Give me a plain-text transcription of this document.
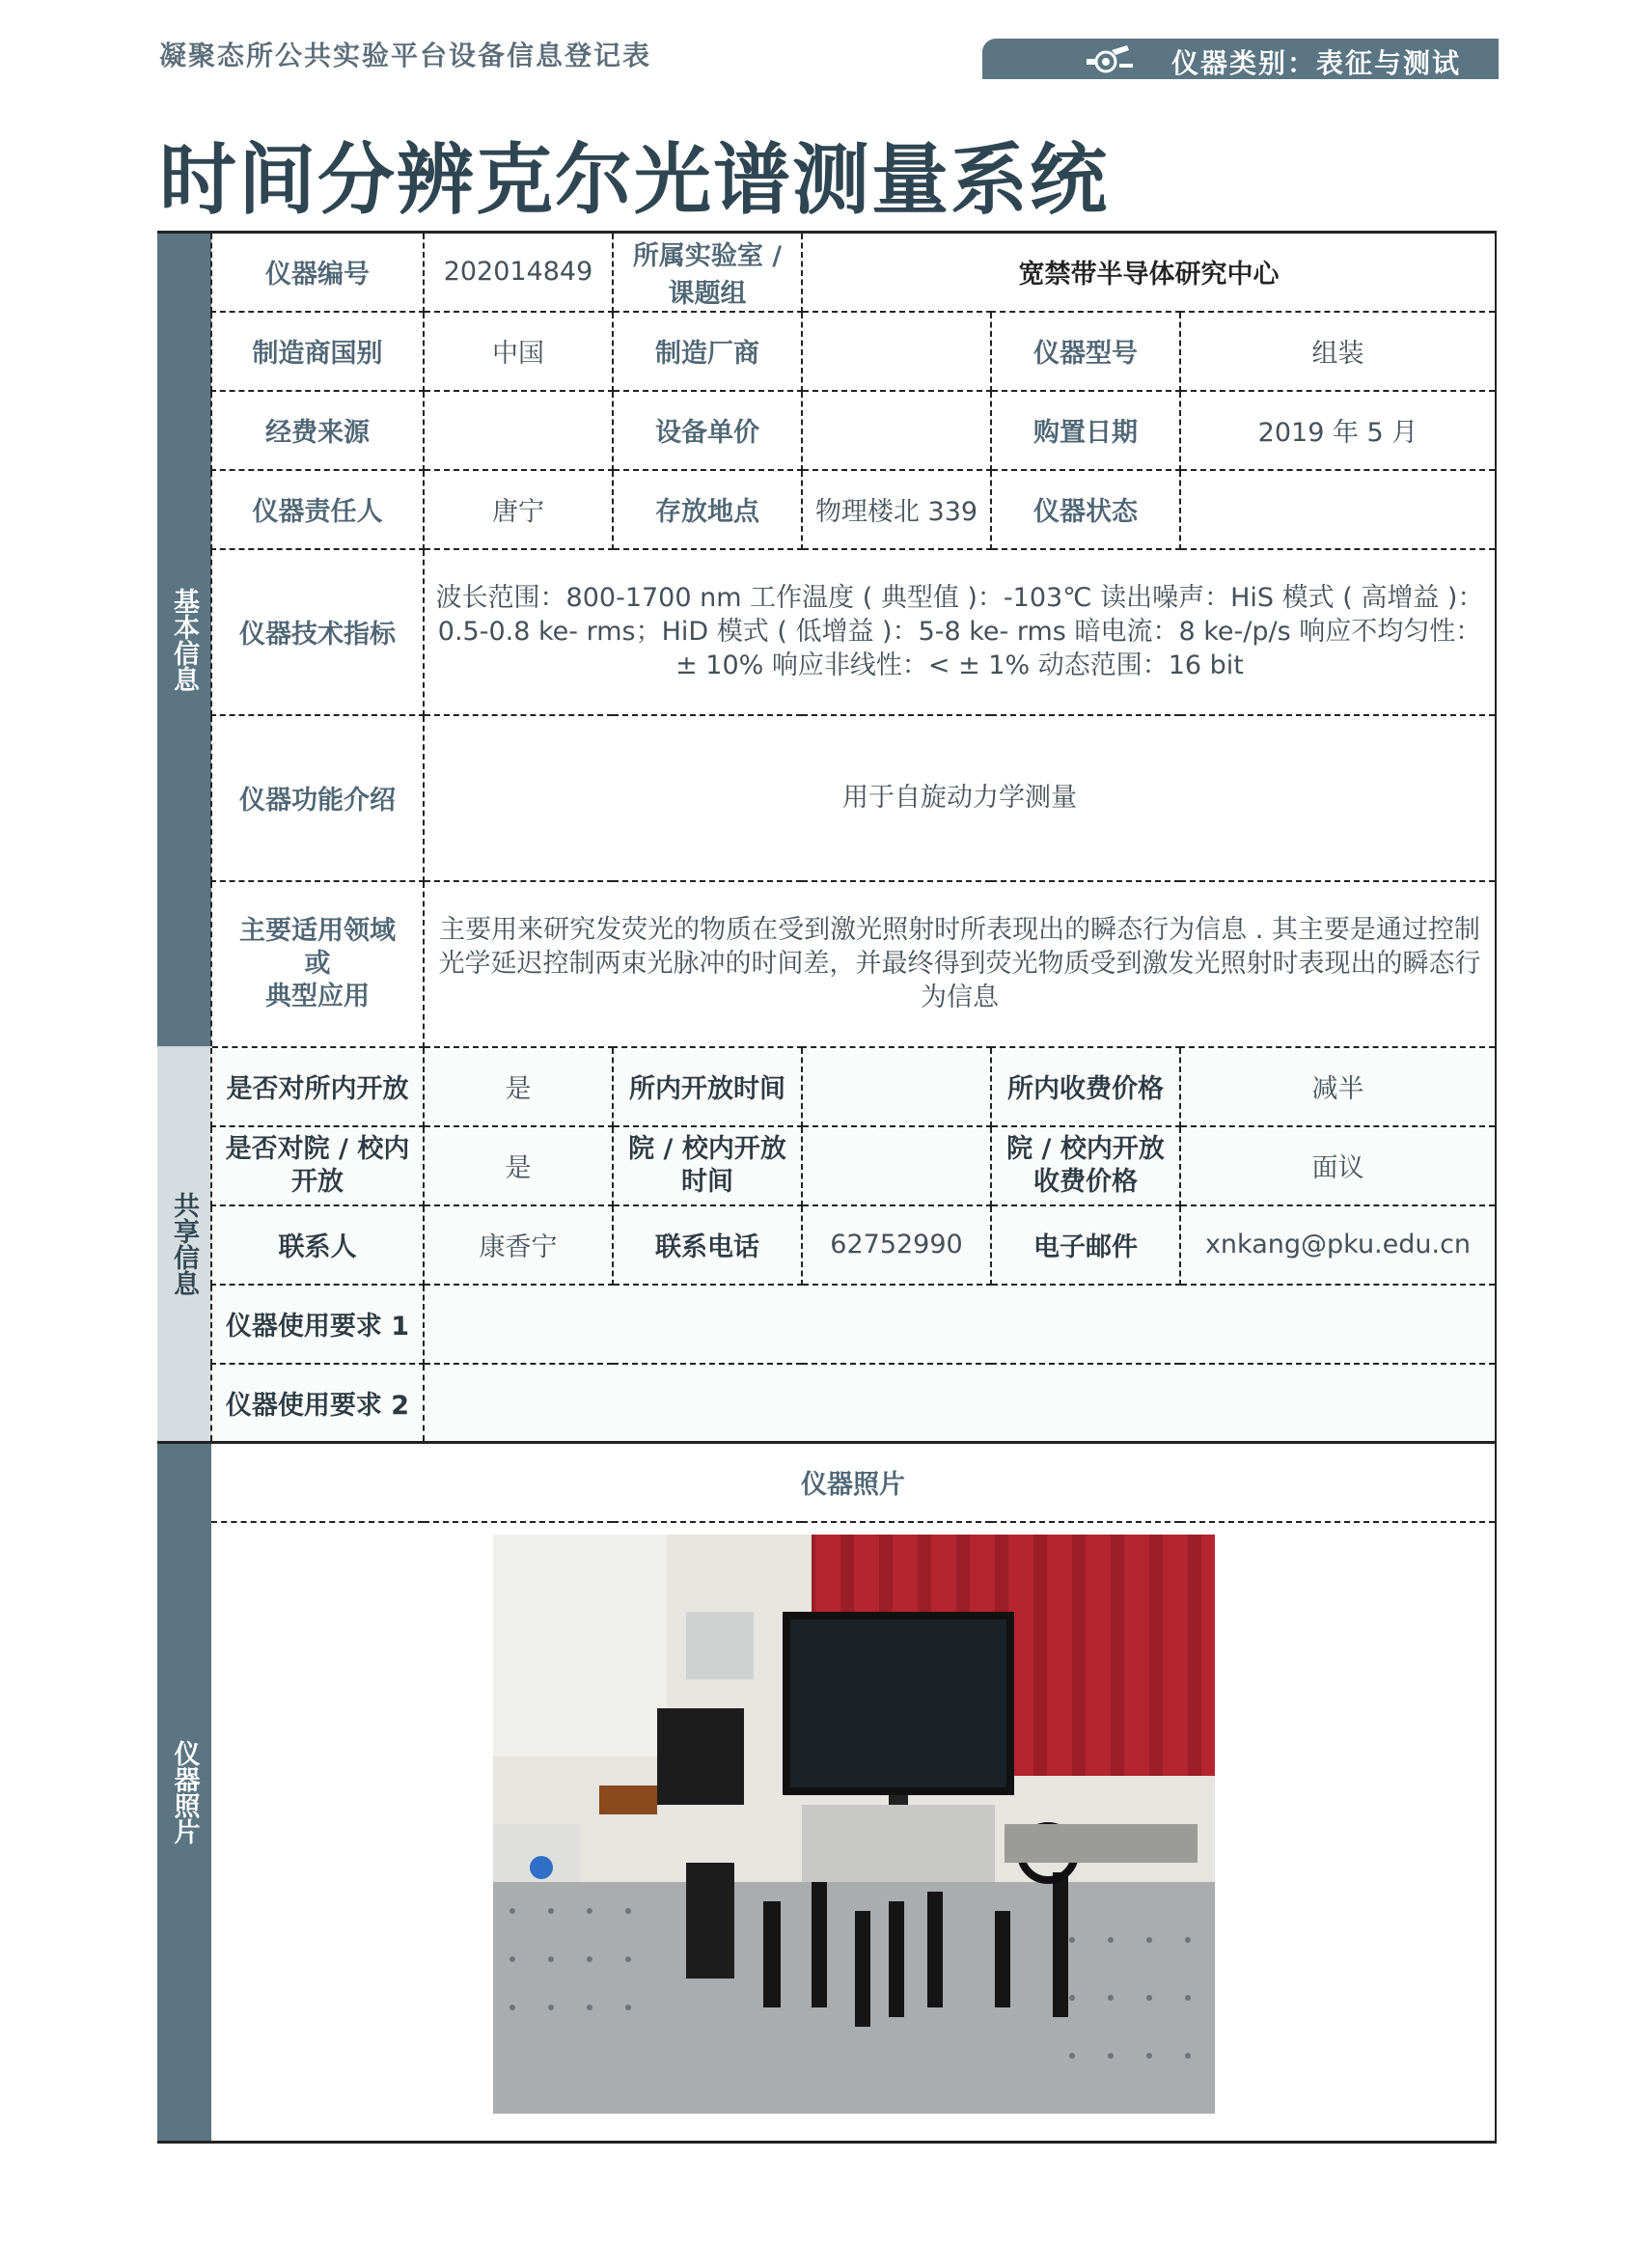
凝聚态所公共实验平台设备信息登记表	仪器类别：表征与测试
时间分辨克尔光谱测量系统
基本信息	仪器编号	202014849	所属实验室 / 课题组	宽禁带半导体研究中心		
	制造商国别	中国	制造厂商		仪器型号	组装
	经费来源		设备单价		购置日期	2019 年 5 月
	仪器责任人	唐宁	存放地点	物理楼北 339	仪器状态	
	仪器技术指标	波长范围：800-1700 nm 工作温度 ( 典型值 )：-103℃ 读出噪声：HiS 模式 ( 高增益 )：0.5-0.8 ke- rms；HiD 模式 ( 低增益 )：5-8 ke- rms 暗电流：8 ke-/p/s 响应不均匀性：± 10% 响应非线性：< ± 1% 动态范围：16 bit				
	仪器功能介绍	用于自旋动力学测量				

	主要适用领域
或
典型应用	主要用来研究发荧光的物质在受到激光照射时所表现出的瞬态行为信息 . 其主要是通过控制光学延迟控制两束光脉冲的时间差，并最终得到荧光物质受到激发光照射时表现出的瞬态行为信息				
共享信息	是否对所内开放	是	所内开放时间		所内收费价格	减半
	是否对院 / 校内开放	是	院 / 校内开放时间		院 / 校内开放收费价格	面议
	联系人	康香宁	联系电话	62752990	电子邮件	xnkang@pku.edu.cn
	仪器使用要求 1					
	仪器使用要求 2					
仪器照片	仪器照片					
